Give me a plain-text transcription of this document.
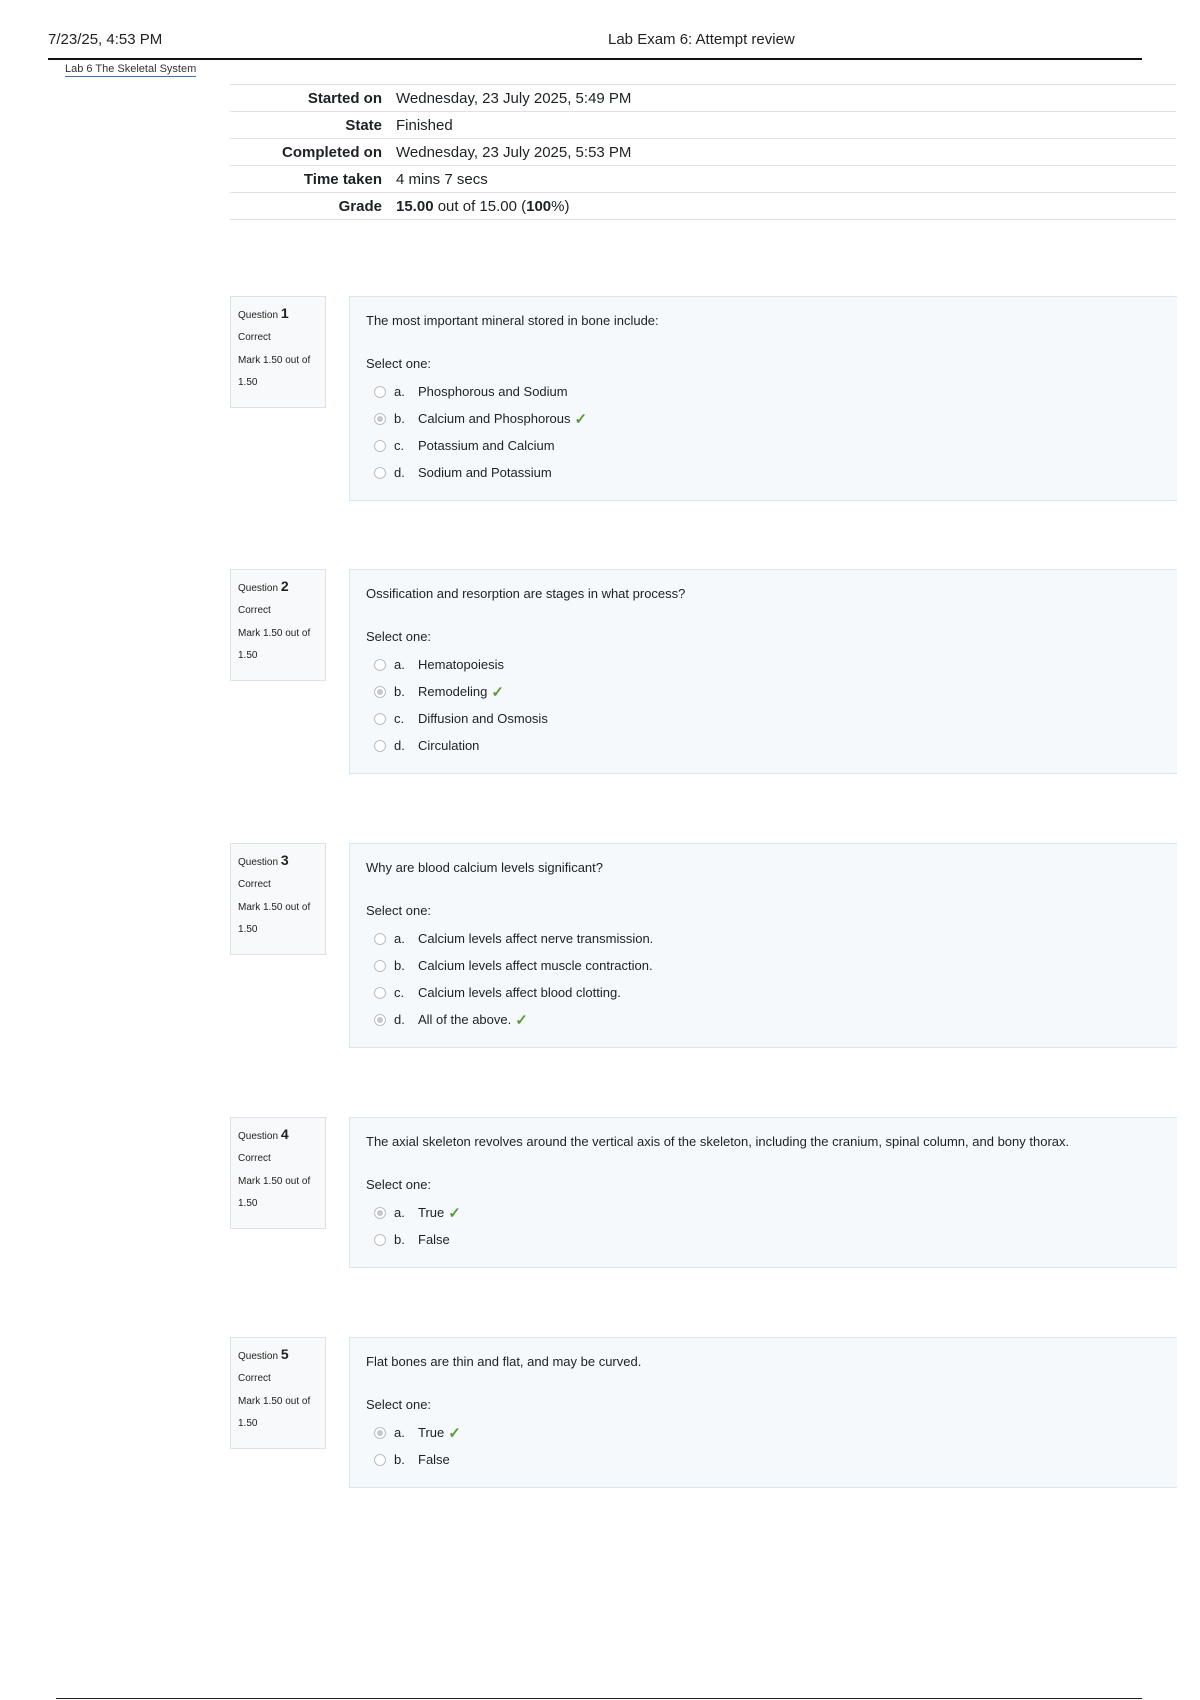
7/23/25, 4:53 PM	Lab Exam 6: Attempt review
Lab 6 The Skeletal System
Started on	Wednesday, 23 July 2025, 5:49 PM
State	Finished
Completed on	Wednesday, 23 July 2025, 5:53 PM
Time taken	4 mins 7 secs
Grade	15.00 out of 15.00 (100%)
Question 1
Correct
Mark 1.50 out of 1.50
The most important mineral stored in bone include:
Select one:
a.	Phosphorous and Sodium
b.	Calcium and Phosphorous ✓
c.	Potassium and Calcium
d.	Sodium and Potassium
Question 2
Correct
Mark 1.50 out of 1.50
Ossification and resorption are stages in what process?
Select one:
a.	Hematopoiesis
b.	Remodeling ✓
c.	Diffusion and Osmosis
d.	Circulation
Question 3
Correct
Mark 1.50 out of 1.50
Why are blood calcium levels significant?
Select one:
a.	Calcium levels affect nerve transmission.
b.	Calcium levels affect muscle contraction.
c.	Calcium levels affect blood clotting.
d.	All of the above. ✓
Question 4
Correct
Mark 1.50 out of 1.50
The axial skeleton revolves around the vertical axis of the skeleton, including the cranium, spinal column, and bony thorax.
Select one:
a.	True ✓
b.	False
Question 5
Correct
Mark 1.50 out of 1.50
Flat bones are thin and flat, and may be curved.
Select one:
a.	True ✓
b.	False
